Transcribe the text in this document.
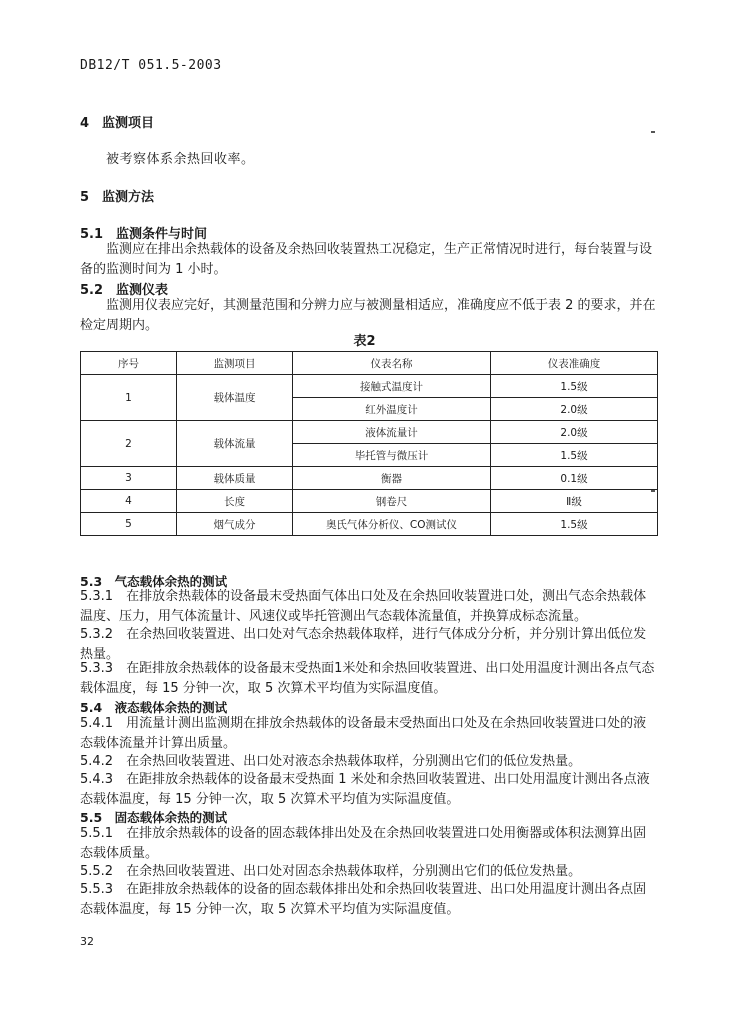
DB12/T 051.5-2003
4　监测项目
被考察体系余热回收率。
5　监测方法
5.1　监测条件与时间
监测应在排出余热载体的设备及余热回收装置热工况稳定，生产正常情况时进行，每台装置与设备的监测时间为 1 小时。
5.2　监测仪表
监测用仪表应完好，其测量范围和分辨力应与被测量相适应，准确度应不低于表 2 的要求，并在检定周期内。
表2
序号	监测项目	仪表名称	仪表准确度
1	载体温度	接触式温度计	1.5级
		红外温度计	2.0级
2	载体流量	液体流量计	2.0级
		毕托管与微压计	1.5级
3	载体质量	衡器	0.1级
4	长度	钢卷尺	Ⅱ级
5	烟气成分	奥氏气体分析仪、CO测试仪	1.5级
5.3　气态载体余热的测试
5.3.1　 在排放余热载体的设备最末受热面气体出口处及在余热回收装置进口处，测出气态余热载体温度、压力，用气体流量计、风速仪或毕托管测出气态载体流量值，并换算成标态流量。
5.3.2　 在余热回收装置进、出口处对气态余热载体取样，进行气体成分分析，并分别计算出低位发热量。
5.3.3　 在距排放余热载体的设备最末受热面1米处和余热回收装置进、出口处用温度计测出各点气态载体温度，每 15 分钟一次，取 5 次算术平均值为实际温度值。
5.4　液态载体余热的测试
5.4.1　 用流量计测出监测期在排放余热载体的设备最末受热面出口处及在余热回收装置进口处的液态载体流量并计算出质量。
5.4.2　 在余热回收装置进、出口处对液态余热载体取样，分别测出它们的低位发热量。
5.4.3　 在距排放余热载体的设备最末受热面 1 米处和余热回收装置进、出口处用温度计测出各点液态载体温度，每 15 分钟一次，取 5 次算术平均值为实际温度值。
5.5　固态载体余热的测试
5.5.1　 在排放余热载体的设备的固态载体排出处及在余热回收装置进口处用衡器或体积法测算出固态载体质量。
5.5.2　 在余热回收装置进、出口处对固态余热载体取样，分别测出它们的低位发热量。
5.5.3　 在距排放余热载体的设备的固态载体排出处和余热回收装置进、出口处用温度计测出各点固态载体温度，每 15 分钟一次，取 5 次算术平均值为实际温度值。
32
